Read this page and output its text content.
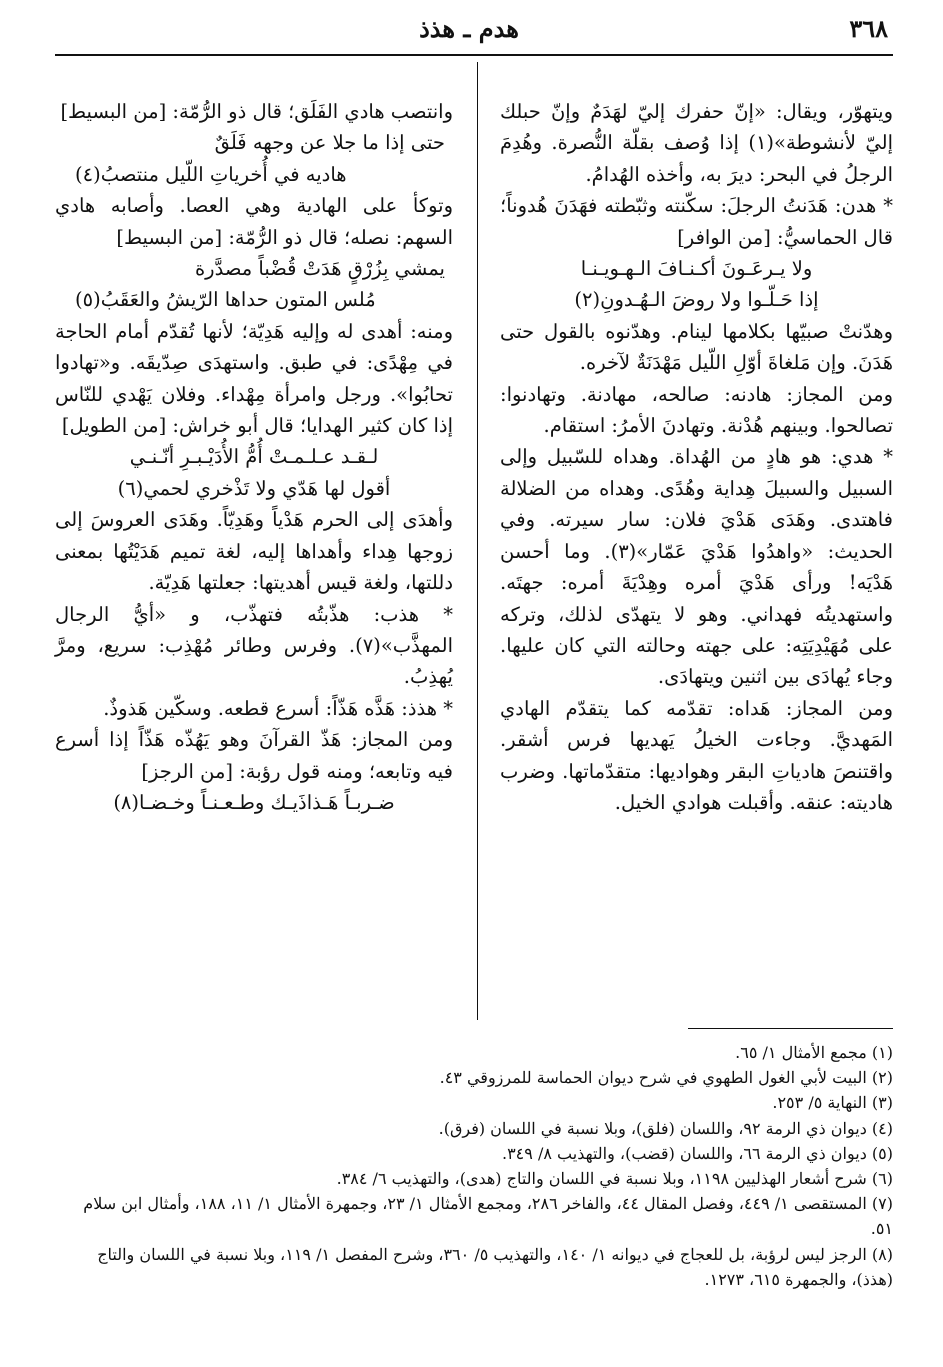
٣٦٨
هدم ـ هذذ

ويتهوّر، ويقال: «إنّ حفرك إليّ لهَدَمٌ وإنّ حبلك إليّ لأنشوطة»(١) إذا وُصف بقلّة النُّصرة. وهُدِمَ الرجلُ في البحر: ديرَ به، وأخذه الهُدامُ.

* هدن: هَدَنتُ الرجلَ: سكّنته وثبّطته فهَدَنَ هُدوناً؛ قال الحماسيُّ: [من الوافر]

ولا يـرعَـونَ أكـنـافَ الـهـويـنـا

إذا حَـلّـوا ولا روضَ الـهُـدونِ(٢)

وهدّنتْ صبيّها بكلامها لينام. وهدّنوه بالقول حتى هَدَنَ. وإن مَلغاةَ أوّلِ اللّيل مَهْدَنَةٌ لآخره.

ومن المجاز: هادنه: صالحه، مهادنة. وتهادنوا: تصالحوا. وبينهم هُدْنة. وتهادنَ الأمرُ: استقام.

* هدي: هو هادٍ من الهُداة. وهداه للسّبيل وإلى السبيل والسبيلَ هِداية وهُدًى. وهداه من الضلالة فاهتدى. وهَدَى هَدْيَ فلان: سار سيرته. وفي الحديث: «واهدُوا هَدْيَ عَمّار»(٣). وما أحسن هَدْيَه! ورأى هَدْيَ أمره وهِدْيَةَ أمره: جهتَه. واستهديتُه فهداني. وهو لا يتهدّى لذلك، وتركه على مُهَيْدِيَتِه: على جهته وحالته التي كان عليها. وجاء يُهادَى بين اثنين ويتهادَى.

ومن المجاز: هَداه: تقدّمه كما يتقدّم الهادي المَهديَّ. وجاءت الخيلُ يَهديها فرس أشقر. واقتنصَ هادياتِ البقر وهواديها: متقدّماتها. وضرب هاديته: عنقه. وأقبلت هوادي الخيل.

وانتصب هادي الفَلَق؛ قال ذو الرُّمّة: [من البسيط]

حتى إذا ما جلا عن وجهه فَلَقٌ

هاديه في أُخرياتِ اللّيل منتصبُ(٤)

وتوكأ على الهادية وهي العصا. وأصابه هادي السهم: نصله؛ قال ذو الرُّمّة: [من البسيط]

يمشي بِزُرْقٍ هَدَتْ قُضْباً مصدَّرة

مُلس المتون حداها الرّيشُ والعَقَبُ(٥)

ومنه: أهدى له وإليه هَدِيّة؛ لأنها تُقدّم أمام الحاجة في مِهْدًى: في طبق. واستهدَى صِدّيقَه. و«تهادوا تحابُوا». ورجل وامرأة مِهْداء. وفلان يَهْدي للنّاس إذا كان كثير الهدايا؛ قال أبو خراش: [من الطويل]

لـقـد عـلـمـتْ أُمُّ الأُدَيْـبـرِ أنّـنـي

أقول لها هَدّي ولا تَذْخري لحمي(٦)

وأهدَى إلى الحرم هَدْياً وهَدِيّاً. وهَدَى العروسَ إلى زوجها هِداء وأهداها إليه، لغة تميم هَدَيْتُها بمعنى دللتها، ولغة قيس أهديتها: جعلتها هَدِيّة.

* هذب: هذّبتُه فتهذّب، و «أيُّ الرجال المهذَّب»(٧). وفرس وطائر مُهْذِب: سريع، ومرَّ يُهذِبُ.

* هذذ: هَذَّه هَذّاً: أسرع قطعه. وسكّين هَذوذٌ.

ومن المجاز: هَذّ القرآنَ وهو يَهُذّه هَذّاً إذا أسرع فيه وتابعه؛ ومنه قول رؤبة: [من الرجز]

ضـربـاً هَـذاذَيـك وطـعـنـاً وخـضـا(٨)

(١) مجمع الأمثال ١/ ٦٥.

(٢) البيت لأبي الغول الطهوي في شرح ديوان الحماسة للمرزوقي ٤٣.

(٣) النهاية ٥/ ٢٥٣.

(٤) ديوان ذي الرمة ٩٢، واللسان (فلق)، وبلا نسبة في اللسان (فرق).

(٥) ديوان ذي الرمة ٦٦، واللسان (قضب)، والتهذيب ٨/ ٣٤٩.

(٦) شرح أشعار الهذليين ١١٩٨، وبلا نسبة في اللسان والتاج (هدى)، والتهذيب ٦/ ٣٨٤.

(٧) المستقصى ١/ ٤٤٩، وفصل المقال ٤٤، والفاخر ٢٨٦، ومجمع الأمثال ١/ ٢٣، وجمهرة الأمثال ١/ ١١، ١٨٨، وأمثال ابن سلام ٥١.

(٨) الرجز ليس لرؤبة، بل للعجاج في ديوانه ١/ ١٤٠، والتهذيب ٥/ ٣٦٠، وشرح المفصل ١/ ١١٩، وبلا نسبة في اللسان والتاج (هذذ)، والجمهرة ٦١٥، ١٢٧٣.
